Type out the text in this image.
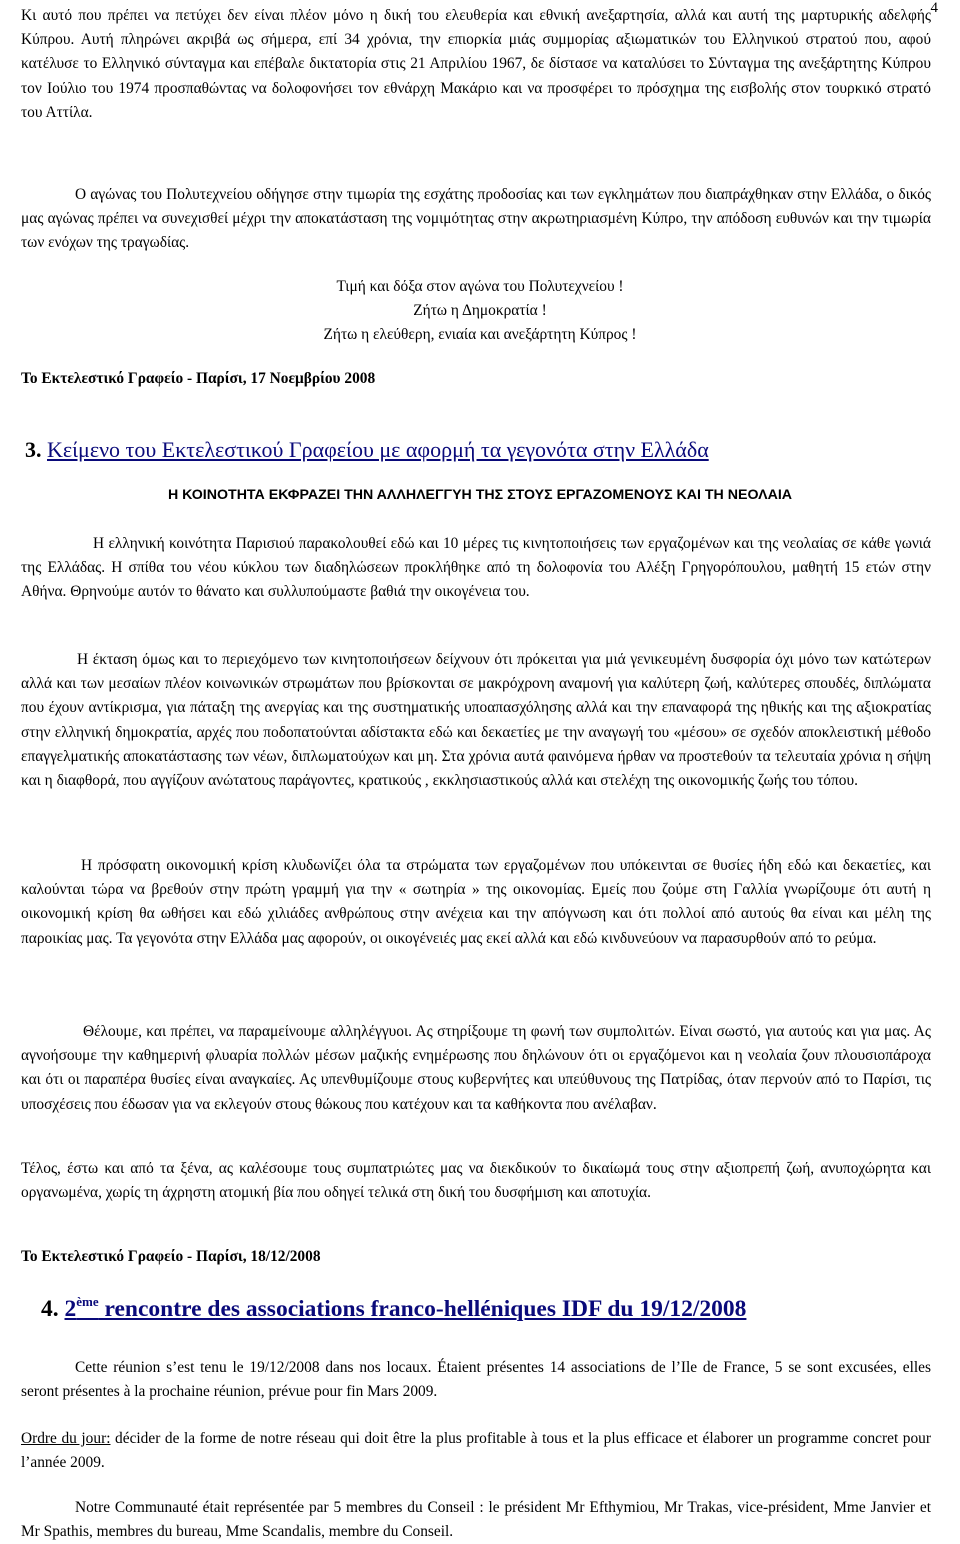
4

Κι αυτό που πρέπει να πετύχει δεν είναι πλέον μόνο η δική του ελευθερία και εθνική ανεξαρτησία, αλλά και αυτή της μαρτυρικής αδελφής Κύπρου. Αυτή πληρώνει ακριβά ως σήμερα, επί 34 χρόνια, την επιορκία μιάς συμμορίας αξιωματικών του Ελληνικού στρατού που, αφού κατέλυσε το Ελληνικό σύνταγμα και επέβαλε δικτατορία στις 21 Απριλίου 1967, δε δίστασε να καταλύσει το Σύνταγμα της ανεξάρτητης Κύπρου τον Ιούλιο του 1974 προσπαθώντας να δολοφονήσει τον εθνάρχη Μακάριο και να προσφέρει το πρόσχημα της εισβολής στον τουρκικό στρατό του Αττίλα.

Ο αγώνας του Πολυτεχνείου οδήγησε στην τιμωρία της εσχάτης προδοσίας και των εγκλημάτων που διαπράχθηκαν στην Ελλάδα, ο δικός μας αγώνας πρέπει να συνεχισθεί μέχρι την αποκατάσταση της νομιμότητας στην ακρωτηριασμένη Κύπρο, την απόδοση ευθυνών και την τιμωρία των ενόχων της τραγωδίας.

Τιμή και δόξα στον αγώνα του Πολυτεχνείου !

Ζήτω η Δημοκρατία !

Ζήτω η ελεύθερη, ενιαία και ανεξάρτητη Κύπρος !

Το Εκτελεστικό Γραφείο - Παρίσι, 17 Νοεμβρίου 2008

3. Κείμενο του Εκτελεστικού Γραφείου με αφορμή τα γεγονότα στην Ελλάδα

Η ΚΟΙΝΟΤΗΤΑ ΕΚΦΡΑΖΕΙ ΤΗΝ ΑΛΛΗΛΕΓΓΥΗ ΤΗΣ ΣΤΟΥΣ ΕΡΓΑΖΟΜΕΝΟΥΣ ΚΑΙ ΤΗ ΝΕΟΛΑΙΑ

Η ελληνική κοινότητα Παρισιού παρακολουθεί εδώ και 10 μέρες τις κινητοποιήσεις των εργαζομένων και της νεολαίας σε κάθε γωνιά της Ελλάδας. Η σπίθα του νέου κύκλου των διαδηλώσεων προκλήθηκε από τη δολοφονία του Αλέξη Γρηγορόπουλου, μαθητή 15 ετών στην Αθήνα. Θρηνούμε αυτόν το θάνατο και συλλυπούμαστε βαθιά την οικογένεια του.

Η έκταση όμως και το περιεχόμενο των κινητοποιήσεων δείχνουν ότι πρόκειται για μιά γενικευμένη δυσφορία όχι μόνο των κατώτερων αλλά και των μεσαίων πλέον κοινωνικών στρωμάτων που βρίσκονται σε μακρόχρονη αναμονή για καλύτερη ζωή, καλύτερες σπουδές, διπλώματα που έχουν αντίκρισμα, για πάταξη της ανεργίας και της συστηματικής υποαπασχόλησης αλλά και την επαναφορά της ηθικής και της αξιοκρατίας στην ελληνική δημοκρατία, αρχές που ποδοπατούνται αδίστακτα εδώ και δεκαετίες με την αναγωγή του «μέσου» σε σχεδόν αποκλειστική μέθοδο επαγγελματικής αποκατάστασης των νέων, διπλωματούχων και μη. Στα χρόνια αυτά φαινόμενα ήρθαν να προστεθούν τα τελευταία χρόνια η σήψη και η διαφθορά, που αγγίζουν ανώτατους παράγοντες, κρατικούς , εκκλησιαστικούς αλλά και στελέχη της οικονομικής ζωής του τόπου.

Η πρόσφατη οικονομική κρίση κλυδωνίζει όλα τα στρώματα των εργαζομένων που υπόκεινται σε θυσίες ήδη εδώ και δεκαετίες, και καλούνται τώρα να βρεθούν στην πρώτη γραμμή για την « σωτηρία » της οικονομίας. Εμείς που ζούμε στη Γαλλία γνωρίζουμε ότι αυτή η οικονομική κρίση θα ωθήσει και εδώ χιλιάδες ανθρώπους στην ανέχεια και την απόγνωση και ότι πολλοί από αυτούς θα είναι και μέλη της παροικίας μας. Τα γεγονότα στην Ελλάδα μας αφορούν, οι οικογένειές μας εκεί αλλά και εδώ κινδυνεύουν να παρασυρθούν από το ρεύμα.

Θέλουμε, και πρέπει, να παραμείνουμε αλληλέγγυοι. Ας στηρίξουμε τη φωνή των συμπολιτών. Είναι σωστό, για αυτούς και για μας. Ας αγνοήσουμε την καθημερινή φλυαρία πολλών μέσων μαζικής ενημέρωσης που δηλώνουν ότι οι εργαζόμενοι και η νεολαία ζουν πλουσιοπάροχα και ότι οι παραπέρα θυσίες είναι αναγκαίες. Ας υπενθυμίζουμε στους κυβερνήτες και υπεύθυνους της Πατρίδας, όταν περνούν από το Παρίσι, τις υποσχέσεις που έδωσαν για να εκλεγούν στους θώκους που κατέχουν και τα καθήκοντα που ανέλαβαν.

Τέλος, έστω και από τα ξένα, ας καλέσουμε τους συμπατριώτες μας να διεκδικούν το δικαίωμά τους στην αξιοπρεπή ζωή, ανυποχώρητα και οργανωμένα, χωρίς τη άχρηστη ατομική βία που οδηγεί τελικά στη δική του δυσφήμιση και αποτυχία.

Το Εκτελεστικό Γραφείο - Παρίσι, 18/12/2008

4. 2ème rencontre des associations franco-helléniques IDF du 19/12/2008

Cette réunion s’est tenu le 19/12/2008 dans nos locaux. Étaient présentes 14 associations de l’Ile de France, 5 se sont excusées, elles seront présentes à la prochaine réunion, prévue pour fin Mars 2009.

Ordre du jour: décider de la forme de notre réseau qui doit être la plus profitable à tous et la plus efficace et élaborer un programme concret pour l’année 2009.

Notre Communauté était représentée par 5 membres du Conseil : le président Mr Efthymiou, Mr Trakas, vice-président, Mme Janvier et Mr Spathis, membres du bureau, Mme Scandalis, membre du Conseil.
